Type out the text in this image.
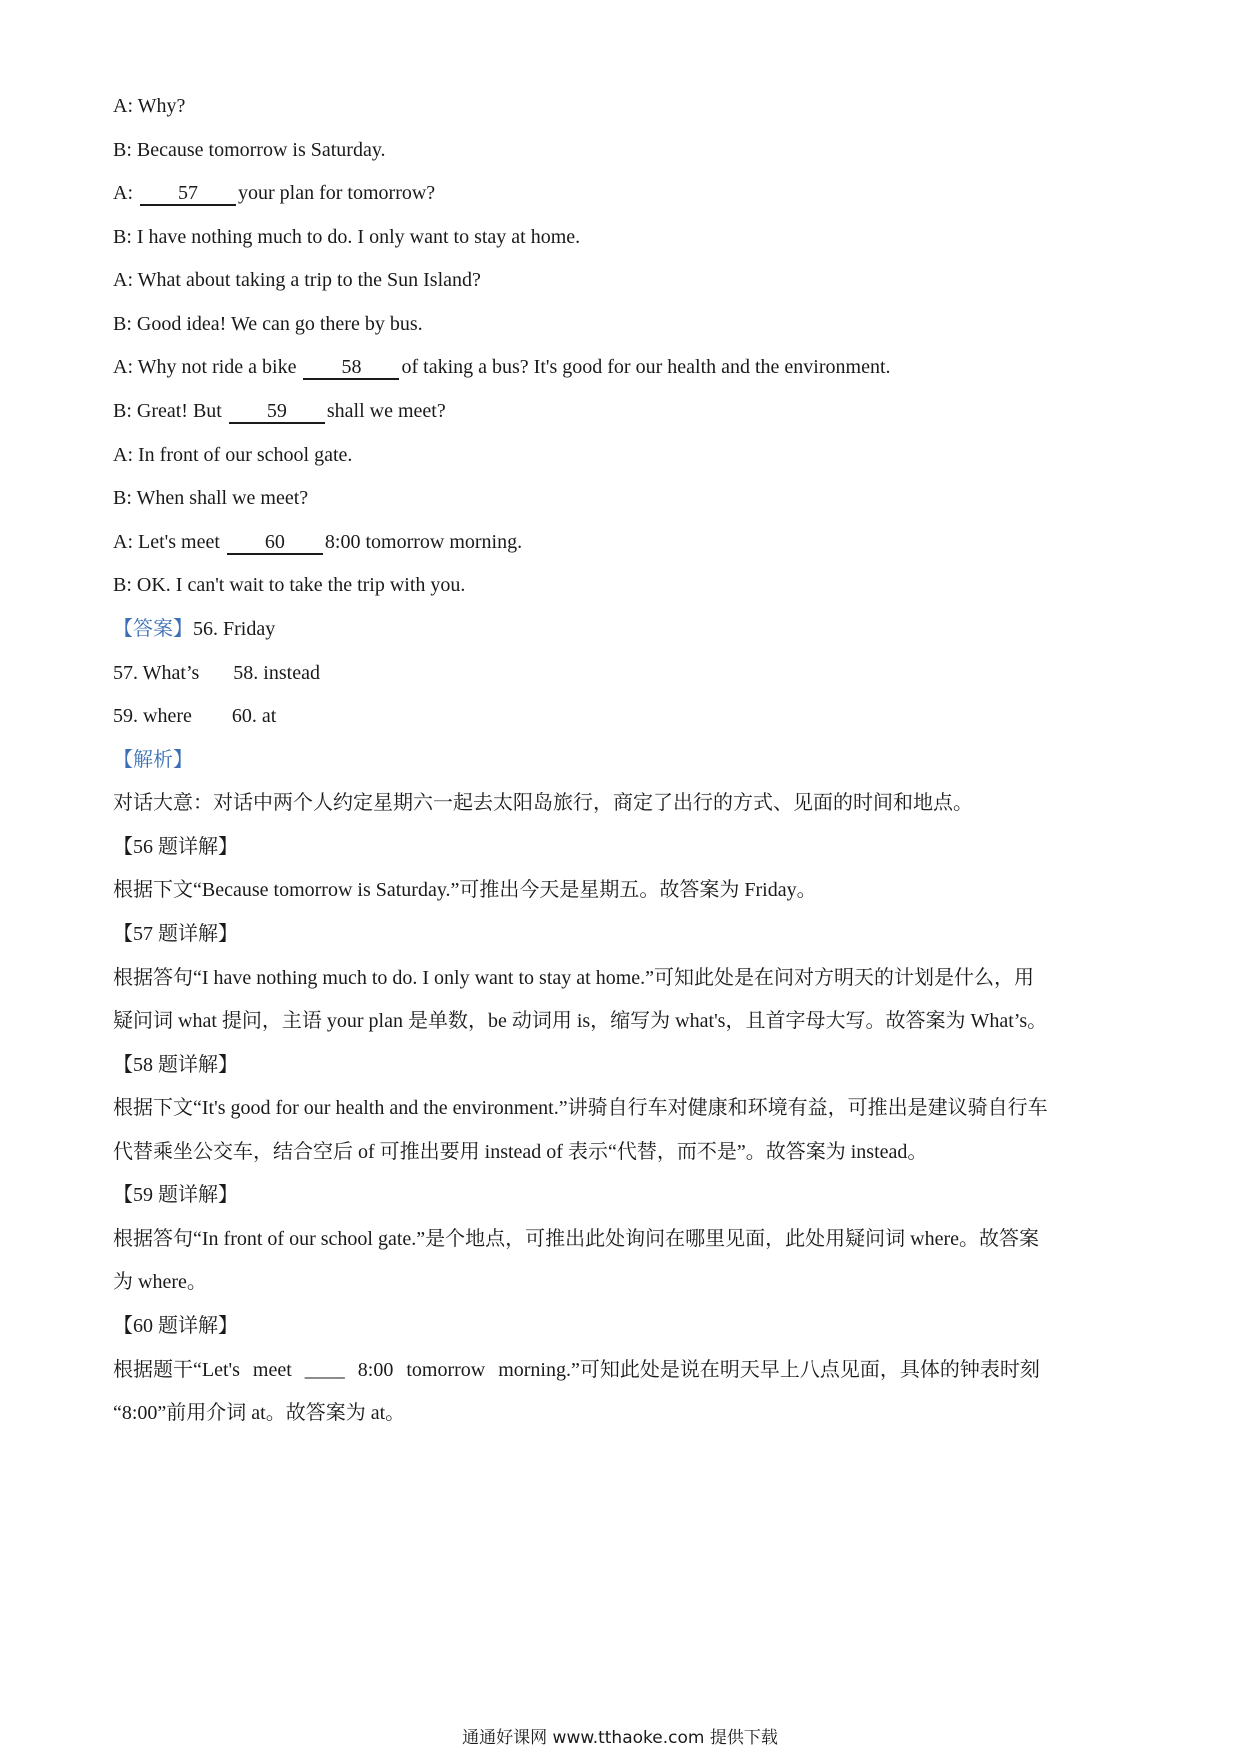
A: Why?
B: Because tomorrow is Saturday.
A: 57 your plan for tomorrow?
B: I have nothing much to do. I only want to stay at home.
A: What about taking a trip to the Sun Island?
B: Good idea! We can go there by bus.
A: Why not ride a bike 58 of taking a bus? It's good for our health and the environment.
B: Great! But 59 shall we meet?
A: In front of our school gate.
B: When shall we meet?
A: Let's meet 60 8:00 tomorrow morning.
B: OK. I can't wait to take the trip with you.
【答案】56. Friday
57. What’s 58. instead
59. where 60. at
【解析】
对话大意：对话中两个人约定星期六一起去太阳岛旅行，商定了出行的方式、见面的时间和地点。
【56 题详解】
根据下文“Because tomorrow is Saturday.”可推出今天是星期五。故答案为 Friday。
【57 题详解】
根据答句“I have nothing much to do. I only want to stay at home.”可知此处是在问对方明天的计划是什么，用
疑问词 what 提问，主语 your plan 是单数，be 动词用 is，缩写为 what's，且首字母大写。故答案为 What’s。
【58 题详解】
根据下文“It's good for our health and the environment.”讲骑自行车对健康和环境有益，可推出是建议骑自行车
代替乘坐公交车，结合空后 of 可推出要用 instead of 表示“代替，而不是”。故答案为 instead。
【59 题详解】
根据答句“In front of our school gate.”是个地点，可推出此处询问在哪里见面，此处用疑问词 where。故答案
为 where。
【60 题详解】
根据题干“Let's meet ____ 8:00 tomorrow morning.”可知此处是说在明天早上八点见面，具体的钟表时刻
“8:00”前用介词 at。故答案为 at。
通通好课网 www.tthaoke.com 提供下载
